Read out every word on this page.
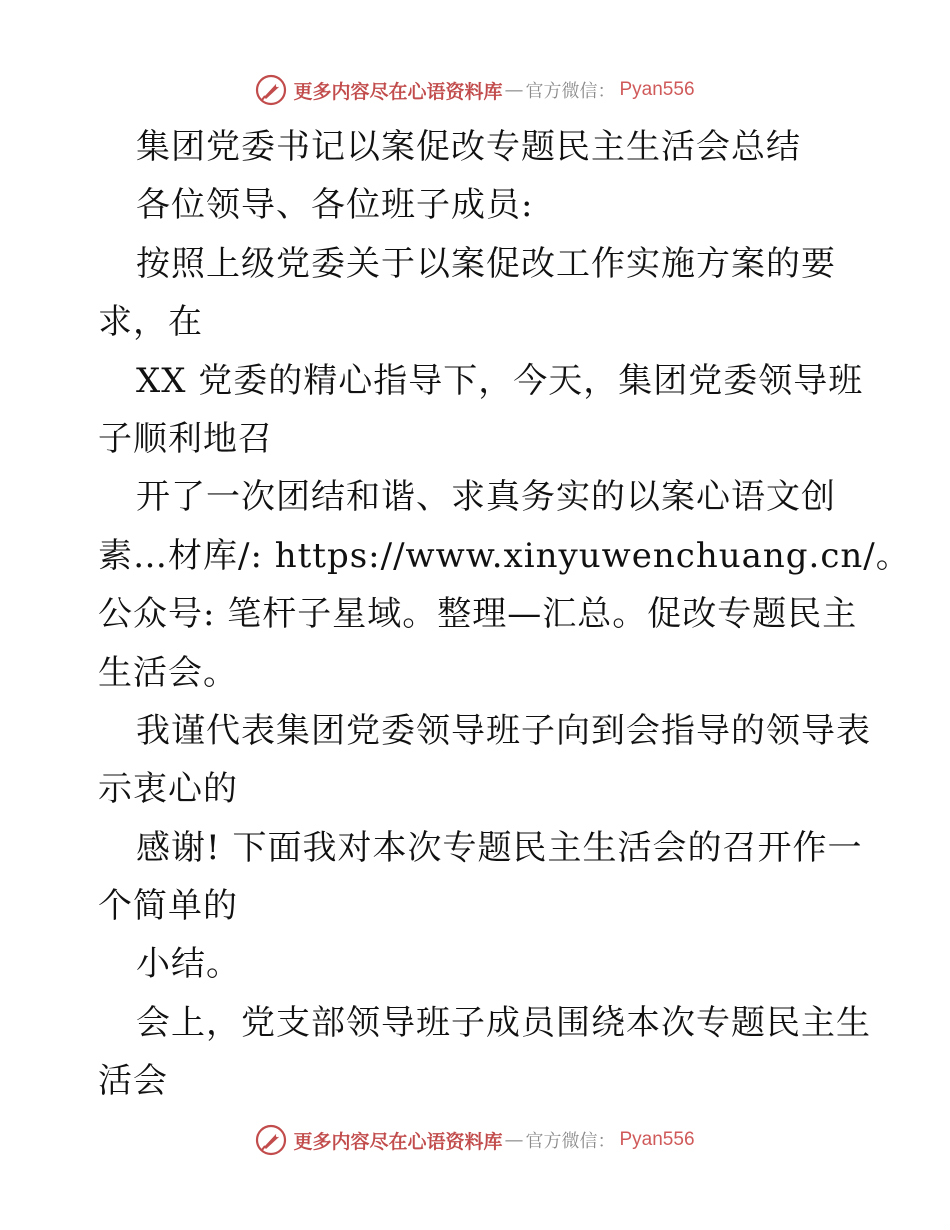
更多内容尽在心语资料库 — 官方微信： Pyan556
集团党委书记以案促改专题民主生活会总结
各位领导、各位班子成员:
按照上级党委关于以案促改工作实施方案的要
求，在
XX 党委的精心指导下，今天，集团党委领导班
子顺利地召
开了一次团结和谐、求真务实的以案心语文创
素…材库/: https://www.xinyuwenchuang.cn/。
公众号: 笔杆子星域。整理—汇总。促改专题民主
生活会。
我谨代表集团党委领导班子向到会指导的领导表
示衷心的
感谢! 下面我对本次专题民主生活会的召开作一
个简单的
小结。
会上，党支部领导班子成员围绕本次专题民主生
活会
更多内容尽在心语资料库 — 官方微信： Pyan556
